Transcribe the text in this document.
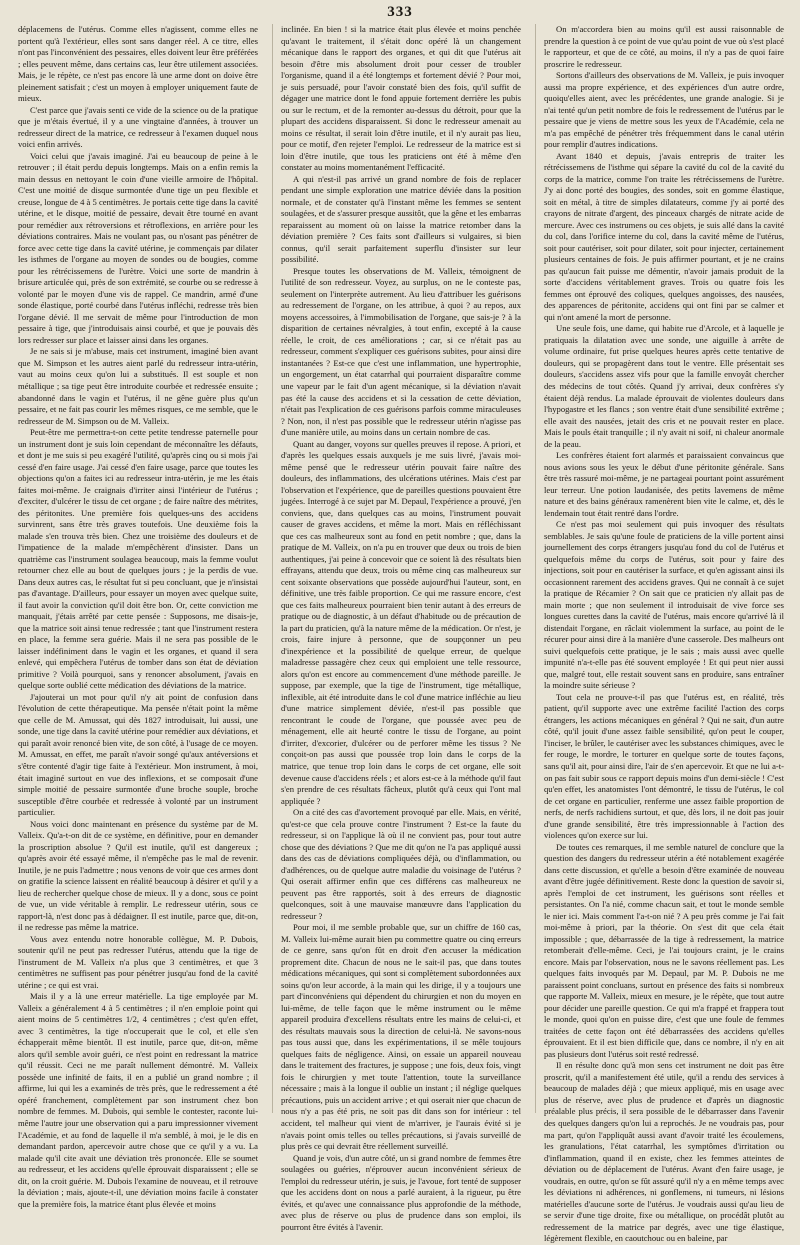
333

déplacemens de l'utérus. Comme elles n'agissent, comme elles ne portent qu'à l'extérieur, elles sont sans danger réel. A ce titre, elles n'ont pas l'inconvénient des pessaires, elles doivent leur être préférées ; elles peuvent même, dans certains cas, leur être utilement associées. Mais, je le répète, ce n'est pas encore là une arme dont on doive être pleinement satisfait ; c'est un moyen à employer uniquement faute de mieux.

C'est parce que j'avais senti ce vide de la science ou de la pratique que je m'étais évertué, il y a une vingtaine d'années, à trouver un redresseur direct de la matrice, ce redresseur à l'examen duquel nous voici enfin arrivés.

Voici celui que j'avais imaginé. J'ai eu beaucoup de peine à le retrouver ; il était perdu depuis longtemps. Mais on a enfin remis la main dessus en nettoyant le coin d'une vieille armoire de l'hôpital. C'est une moitié de disque surmontée d'une tige un peu flexible et creuse, longue de 4 à 5 centimètres. Je portais cette tige dans la cavité utérine, et le disque, moitié de pessaire, devait être tourné en avant pour remédier aux rétroversions et rétroflexions, en arrière pour les déviations contraires. Mais ne voulant pas, ou n'osant pas pénétrer de force avec cette tige dans la cavité utérine, je commençais par dilater les isthmes de l'organe au moyen de sondes ou de bougies, comme pour les rétrécissemens de l'urètre. Voici une sorte de mandrin à brisure articulée qui, près de son extrémité, se courbe ou se redresse à volonté par le moyen d'une vis de rappel. Ce mandrin, armé d'une sonde élastique, porté courbé dans l'utérus infléchi, redresse très bien l'organe dévié. Il me servait de même pour l'introduction de mon pessaire à tige, que j'introduisais ainsi courbé, et que je pouvais dès lors redresser sur place et laisser ainsi dans les organes.

Je ne sais si je m'abuse, mais cet instrument, imaginé bien avant que M. Simpson et les autres aient parlé du redresseur intra-utérin, vaut au moins ceux qu'on lui a substitués. Il est souple et non métallique ; sa tige peut être introduite courbée et redressée ensuite ; abandonné dans le vagin et l'utérus, il ne gêne guère plus qu'un pessaire, et ne fait pas courir les mêmes risques, ce me semble, que le redresseur de M. Simpson ou de M. Valleix.

Peut-être me permettra-t-on cette petite tendresse paternelle pour un instrument dont je suis loin cependant de méconnaître les défauts, et dont je me suis si peu exagéré l'utilité, qu'après cinq ou si mois j'ai cessé d'en faire usage. J'ai cessé d'en faire usage, parce que toutes les objections qu'on a faites ici au redresseur intra-utérin, je me les étais faites moi-même. Je craignais d'irriter ainsi l'intérieur de l'utérus ; d'exciter, d'ulcérer le tissu de cet organe ; de faire naître des métrites, des péritonites. Une première fois quelques-uns des accidens survinrent, sans être très graves toutefois. Une deuxième fois la malade s'en trouva très bien. Chez une troisième des douleurs et de l'impatience de la malade m'empêchèrent d'insister. Dans un quatrième cas l'instrument soulagea beaucoup, mais la femme voulut retourner chez elle au bout de quelques jours ; je la perdis de vue. Dans deux autres cas, le résultat fut si peu concluant, que je n'insistai pas d'avantage. D'ailleurs, pour essayer un moyen avec quelque suite, il faut avoir la conviction qu'il doit être bon. Or, cette conviction me manquait, j'étais arrêté par cette pensée : Supposons, me disais-je, que la matrice soit ainsi tenue redressée ; tant que l'instrument restera en place, la femme sera guérie. Mais il ne sera pas possible de le laisser indéfiniment dans le vagin et les organes, et quand il sera enlevé, qui empêchera l'utérus de tomber dans son état de déviation primitive ? Voilà pourquoi, sans y renoncer absolument, j'avais en quelque sorte oublié cette médication des déviations de la matrice.

J'ajouterai un mot pour qu'il n'y ait point de confusion dans l'évolution de cette thérapeutique. Ma pensée n'était point la même que celle de M. Amussat, qui dès 1827 introduisait, lui aussi, une sonde, une tige dans la cavité utérine pour remédier aux déviations, et qui paraît avoir renoncé bien vite, de son côté, à l'usage de ce moyen. M. Amussat, en effet, me paraît n'avoir songé qu'aux antéversions et s'être contenté d'agir tige faite à l'extérieur. Mon instrument, à moi, était imaginé surtout en vue des inflexions, et se composait d'une simple moitié de pessaire surmontée d'une broche souple, broche susceptible d'être courbée et redressée à volonté par un instrument particulier.

Nous voici donc maintenant en présence du système par de M. Valleix. Qu'a-t-on dit de ce système, en définitive, pour en demander la proscription absolue ? Qu'il est inutile, qu'il est dangereux ; qu'après avoir été essayé même, il n'empêche pas le mal de revenir. Inutile, je ne puis l'admettre ; nous venons de voir que ces armes dont on gratifie la science laissent en réalité beaucoup à désirer et qu'il y a lieu de rechercher quelque chose de mieux. Il y a donc, sous ce point de vue, un vide véritable à remplir. Le redresseur utérin, sous ce rapport-là, n'est donc pas à dédaigner. Il est inutile, parce que, dit-on, il ne redresse pas même la matrice.

Vous avez entendu notre honorable collègue, M. P. Dubois, soutenir qu'il ne peut pas redresser l'utérus, attendu que la tige de l'instrument de M. Valleix n'a plus que 3 centimètres, et que 3 centimètres ne suffisent pas pour pénétrer jusqu'au fond de la cavité utérine ; ce qui est vrai.

Mais il y a là une erreur matérielle. La tige employée par M. Valleix a généralement 4 à 5 centimètres ; il n'en emploie point qui aient moins de 5 centimètres 1/2, 4 centimètres ; c'est qu'en effet, avec 3 centimètres, la tige n'occuperait que le col, et elle s'en échapperait même bientôt. Il est inutile, parce que, dit-on, même alors qu'il semble avoir guéri, ce n'est point en redressant la matrice qu'il réussit. Ceci ne me paraît nullement démontré. M. Valleix possède une infinité de faits, il en a publié un grand nombre ; il affirme, lui qui les a examinés de très près, que le redressement a été opéré franchement, complètement par son instrument chez bon nombre de femmes. M. Dubois, qui semble le contester, raconte lui-même l'autre jour une observation qui a paru impressionner vivement l'Académie, et au fond de laquelle il m'a semblé, à moi, je le dis en demandant pardon, apercevoir autre chose que ce qu'il y a vu. La malade qu'il cite avait une déviation très prononcée. Elle se soumet au redresseur, et les accidens qu'elle éprouvait disparaissent ; elle se dit, on la croit guérie. M. Dubois l'examine de nouveau, et il retrouve la déviation ; mais, ajoute-t-il, une déviation moins facile à constater que la première fois, la matrice étant plus élevée et moins

inclinée. En bien ! si la matrice était plus élevée et moins penchée qu'avant le traitement, il s'était donc opéré là un changement mécanique dans le rapport des organes, et qui dit que l'utérus ait besoin d'être mis absolument droit pour cesser de troubler l'organisme, quand il a été longtemps et fortement dévié ? Pour moi, je suis persuadé, pour l'avoir constaté bien des fois, qu'il suffit de dégager une matrice dont le fond appuie fortement derrière les pubis ou sur le rectum, et de la remonter au-dessus du détroit, pour que la plupart des accidens disparaissent. Si donc le redresseur amenait au moins ce résultat, il serait loin d'être inutile, et il n'y aurait pas lieu, pour ce motif, d'en rejeter l'emploi. Le redresseur de la matrice est si loin d'être inutile, que tous les praticiens ont été à même d'en constater au moins momentanément l'efficacité.

A qui n'est-il pas arrivé un grand nombre de fois de replacer pendant une simple exploration une matrice déviée dans la position normale, et de constater qu'à l'instant même les femmes se sentent soulagées, et de s'assurer presque aussitôt, que la gêne et les embarras reparaissent au moment où on laisse la matrice retomber dans la déviation première ? Ces faits sont d'ailleurs si vulgaires, si bien connus, qu'il serait parfaitement superflu d'insister sur leur possibilité.

Presque toutes les observations de M. Valleix, témoignent de l'utilité de son redresseur. Voyez, au surplus, on ne le conteste pas, seulement on l'interprète autrement. Au lieu d'attribuer les guérisons au redressement de l'organe, on les attribue, à quoi ? au repos, aux moyens accessoires, à l'immobilisation de l'organe, que sais-je ? à la disparition de certaines névralgies, à tout enfin, excepté à la cause réelle, le croit, de ces améliorations ; car, si ce n'était pas au redresseur, comment s'expliquer ces guérisons subites, pour ainsi dire instantanées ? Est-ce que c'est une inflammation, une hypertrophie, un engorgement, un état catarrhal qui pourraient disparaître comme une vapeur par le fait d'un agent mécanique, si la déviation n'avait pas été la cause des accidens et si la cessation de cette déviation, n'était pas l'explication de ces guérisons parfois comme miraculeuses ? Non, non, il n'est pas possible que le redresseur utérin n'agisse pas d'une manière utile, au moins dans un certain nombre de cas.

Quant au danger, voyons sur quelles preuves il repose. A priori, et d'après les quelques essais auxquels je me suis livré, j'avais moi-même pensé que le redresseur utérin pouvait faire naître des douleurs, des inflammations, des ulcérations utérines. Mais c'est par l'observation et l'expérience, que de pareilles questions pouvaient être jugées. Interrogé à ce sujet par M. Depaul, l'expérience a prouvé, j'en conviens, que, dans quelques cas au moins, l'instrument pouvait causer de graves accidens, et même la mort. Mais en réfléchissant que ces cas malheureux sont au fond en petit nombre ; que, dans la pratique de M. Valleix, on n'a pu en trouver que deux ou trois de bien authentiques, j'ai peine à concevoir que ce soient là des résultats bien effrayans, attendu que deux, trois ou même cinq cas malheureux sur cent soixante observations que possède aujourd'hui l'auteur, sont, en définitive, une très faible proportion. Ce qui me rassure encore, c'est que ces faits malheureux pourraient bien tenir autant à des erreurs de pratique ou de diagnostic, à un défaut d'habitude ou de précaution de la part du praticien, qu'à la nature même de la médication. Or n'est, je crois, faire injure à personne, que de soupçonner un peu d'inexpérience et la possibilité de quelque erreur, de quelque maladresse passagère chez ceux qui emploient une telle ressource, alors qu'on est encore au commencement d'une méthode pareille. Je suppose, par exemple, que la tige de l'instrument, tige métallique, inflexible, ait été introduite dans le col d'une matrice infléchie au lieu d'une matrice simplement déviée, n'est-il pas possible que rencontrant le coude de l'organe, que poussée avec peu de ménagement, elle ait heurté contre le tissu de l'organe, au point d'irriter, d'excorier, d'ulcérer ou de perforer même les tissus ? Ne conçoit-on pas aussi que poussée trop loin dans le corps de la matrice, que tenue trop loin dans le corps de cet organe, elle soit devenue cause d'accidens réels ; et alors est-ce à la méthode qu'il faut s'en prendre de ces résultats fâcheux, plutôt qu'à ceux qui l'ont mal appliquée ?

On a cité des cas d'avortement provoqué par elle. Mais, en vérité, qu'est-ce que cela prouve contre l'instrument ? Est-ce la faute du redresseur, si on l'applique là où il ne convient pas, pour tout autre chose que des déviations ? Que me dit qu'on ne l'a pas appliqué aussi dans des cas de déviations compliquées déjà, ou d'inflammation, ou d'adhérences, ou de quelque autre maladie du voisinage de l'utérus ? Qui oserait affirmer enfin que ces différens cas malheureux ne peuvent pas être rapportés, soit à des erreurs de diagnostic quelconques, soit à une mauvaise manœuvre dans l'application du redresseur ?

Pour moi, il me semble probable que, sur un chiffre de 160 cas, M. Valleix lui-même aurait bien pu commettre quatre ou cinq erreurs de ce genre, sans qu'on fût en droit d'en accuser la médication proprement dite. Chacun de nous ne le sait-il pas, que dans toutes médications mécaniques, qui sont si complètement subordonnées aux soins qu'on leur accorde, à la main qui les dirige, il y a toujours une part d'inconvéniens qui dépendent du chirurgien et non du moyen en lui-même, de telle façon que le même instrument ou le même appareil produira d'excellens résultats entre les mains de celui-ci, et des résultats mauvais sous la direction de celui-là. Ne savons-nous pas tous aussi que, dans les expérimentations, il se mêle toujours quelques faits de négligence. Ainsi, on essaie un appareil nouveau dans le traitement des fractures, je suppose ; une fois, deux fois, vingt fois le chirurgien y met toute l'attention, toute la surveillance nécessaire ; mais à la longue il oublie un instant ; il néglige quelques précautions, puis un accident arrive ; et qui oserait nier que chacun de nous n'y a pas été pris, ne soit pas dit dans son for intérieur : tel accident, tel malheur qui vient de m'arriver, je l'aurais évité si je n'avais point omis telles ou telles précautions, si j'avais surveillé de plus près ce qui devrait être réellement surveillé.

Quand je vois, d'un autre côté, un si grand nombre de femmes être soulagées ou guéries, n'éprouver aucun inconvénient sérieux de l'emploi du redresseur utérin, je suis, je l'avoue, fort tenté de supposer que les accidens dont on nous a parlé auraient, à la rigueur, pu être évités, et qu'avec une connaissance plus approfondie de la méthode, avec plus de réserve ou plus de prudence dans son emploi, ils pourront être évités à l'avenir.

On m'accordera bien au moins qu'il est aussi raisonnable de prendre la question à ce point de vue qu'au point de vue où s'est placé le rapporteur, et que de ce côté, au moins, il n'y a pas de quoi faire proscrire le redresseur.

Sortons d'ailleurs des observations de M. Valleix, je puis invoquer aussi ma propre expérience, et des expériences d'un autre ordre, quoiqu'elles aient, avec les précédentes, une grande analogie. Si je n'ai tenté qu'un petit nombre de fois le redressement de l'utérus par le pessaire que je viens de mettre sous les yeux de l'Académie, cela ne m'a pas empêché de pénétrer très fréquemment dans le canal utérin pour remplir d'autres indications.

Avant 1840 et depuis, j'avais entrepris de traiter les rétrécissemens de l'isthme qui sépare la cavité du col de la cavité du corps de la matrice, comme l'on traite les rétrécissemens de l'urètre. J'y ai donc porté des bougies, des sondes, soit en gomme élastique, soit en métal, à titre de simples dilatateurs, comme j'y ai porté des crayons de nitrate d'argent, des pinceaux chargés de nitrate acide de mercure. Avec ces instrumens ou ces objets, je suis allé dans la cavité du col, dans l'orifice interne du col, dans la cavité même de l'utérus, soit pour cautériser, soit pour dilater, soit pour injecter, certainement plusieurs centaines de fois. Je puis affirmer pourtant, et je ne crains pas qu'aucun fait puisse me démentir, n'avoir jamais produit de la sorte d'accidens véritablement graves. Trois ou quatre fois les femmes ont éprouvé des coliques, quelques angoisses, des nausées, des apparences de péritonite, accidens qui ont fini par se calmer et qui n'ont amené la mort de personne.

Une seule fois, une dame, qui habite rue d'Arcole, et à laquelle je pratiquais la dilatation avec une sonde, une aiguille à arrête de volume ordinaire, fut prise quelques heures après cette tentative de douleurs, qui se propagèrent dans tout le ventre. Elle présentait ses douleurs, s'accidens assez vifs pour que la famille envoyât chercher des médecins de tout côtés. Quand j'y arrivai, deux confrères s'y étaient déjà rendus. La malade éprouvait de violentes douleurs dans l'hypogastre et les flancs ; son ventre était d'une sensibilité extrême ; elle avait des nausées, jetait des cris et ne pouvait rester en place. Mais le pouls était tranquille ; il n'y avait ni soif, ni chaleur anormale de la peau.

Les confrères étaient fort alarmés et paraissaient convaincus que nous avions sous les yeux le début d'une péritonite générale. Sans être très rassuré moi-même, je ne partageai pourtant point assurément leur terreur. Une potion laudanisée, des petits lavemens de même nature et des bains généraux ramenèrent bien vite le calme, et, dès le lendemain tout était rentré dans l'ordre.

Ce n'est pas moi seulement qui puis invoquer des résultats semblables. Je sais qu'une foule de praticiens de la ville portent ainsi journellement des corps étrangers jusqu'au fond du col de l'utérus et quelquefois même du corps de l'utérus, soit pour y faire des injections, soit pour en cautériser la surface, et qu'en agissant ainsi ils occasionnent rarement des accidens graves. Qui ne connaît à ce sujet la pratique de Récamier ? On sait que ce praticien n'y allait pas de main morte ; que non seulement il introduisait de vive force ses longues curettes dans la cavité de l'utérus, mais encore qu'arrivé là il distendait l'organe, en râclait violemment la surface, au point de le récurer pour ainsi dire à la manière d'une casserole. Des malheurs ont suivi quelquefois cette pratique, je le sais ; mais aussi avec quelle impunité n'a-t-elle pas été souvent employée ! Et qui peut nier aussi que, malgré tout, elle restait souvent sans en produire, sans entraîner la moindre suite sérieuse ?

Tout cela ne prouve-t-il pas que l'utérus est, en réalité, très patient, qu'il supporte avec une extrême facilité l'action des corps étrangers, les actions mécaniques en général ? Qui ne sait, d'un autre côté, qu'il jouit d'une assez faible sensibilité, qu'on peut le couper, l'inciser, le brûler, le cautériser avec les substances chimiques, avec le fer rouge, le mordre, le torturer en quelque sorte de toutes façons, sans qu'il ait, pour ainsi dire, l'air de s'en apercevoir. Et que ne lui a-t-on pas fait subir sous ce rapport depuis moins d'un demi-siècle ! C'est qu'en effet, les anatomistes l'ont démontré, le tissu de l'utérus, le col de cet organe en particulier, renferme une assez faible proportion de nerfs, de nerfs rachidiens surtout, et que, dès lors, il ne doit pas jouir d'une grande sensibilité, être très impressionnable à l'action des violences qu'on exerce sur lui.

De toutes ces remarques, il me semble naturel de conclure que la question des dangers du redresseur utérin a été notablement exagérée dans cette discussion, et qu'elle a besoin d'être examinée de nouveau avant d'être jugée définitivement. Reste donc la question de savoir si, après l'emploi de cet instrument, les guérisons sont réelles et persistantes. On l'a nié, comme chacun sait, et tout le monde semble le nier ici. Mais comment l'a-t-on nié ? A peu près comme je l'ai fait moi-même à priori, par la théorie. On s'est dit que cela était impossible ; que, débarrassée de la tige à redressement, la matrice retomberait d'elle-même. Ceci, je l'ai toujours craint, je le crains encore. Mais par l'observation, nous ne le savons réellement pas. Les quelques faits invoqués par M. Depaul, par M. P. Dubois ne me paraissent point concluans, surtout en présence des faits si nombreux que rapporte M. Valleix, mieux en mesure, je le répète, que tout autre pour décider une pareille question. Ce qui m'a frappé et frappera tout le monde, quoi qu'on en puisse dire, c'est que une foule de femmes traitées de cette façon ont été débarrassées des accidens qu'elles éprouvaient. Et il est bien difficile que, dans ce nombre, il n'y en ait pas plusieurs dont l'utérus soit resté redressé.

Il en résulte donc qu'à mon sens cet instrument ne doit pas être proscrit, qu'il a manifestement été utile, qu'il a rendu des services à beaucoup de malades déjà ; que mieux appliqué, mis en usage avec plus de réserve, avec plus de prudence et d'après un diagnostic préalable plus précis, il sera possible de le débarrasser dans l'avenir des quelques dangers qu'on lui a reprochés. Je ne voudrais pas, pour ma part, qu'on l'appliquât aussi avant d'avoir traité les écoulemens, les granulations, l'état catarrhal, les symptômes d'irritation ou d'inflammation, quand il en existe, chez les femmes atteintes de déviation ou de déplacement de l'utérus. Avant d'en faire usage, je voudrais, en outre, qu'on se fût assuré qu'il n'y a en même temps avec les déviations ni adhérences, ni gonflemens, ni tumeurs, ni lésions matérielles d'aucune sorte de l'utérus. Je voudrais aussi qu'au lieu de se servir d'une tige droite, fixe ou métallique, on procédât plutôt au redressement de la matrice par degrés, avec une tige élastique, légèrement flexible, en caoutchouc ou en baleine, par
